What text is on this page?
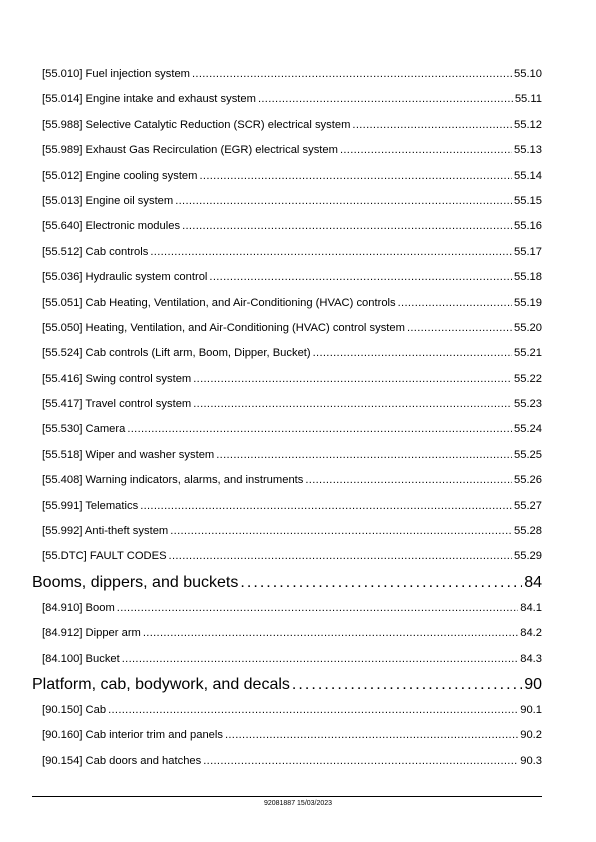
[55.010] Fuel injection system . . .	55.10
[55.014] Engine intake and exhaust system . . .	55.11
[55.988] Selective Catalytic Reduction (SCR) electrical system . . .	55.12
[55.989] Exhaust Gas Recirculation (EGR) electrical system . . .	55.13
[55.012] Engine cooling system . . .	55.14
[55.013] Engine oil system . . .	55.15
[55.640] Electronic modules . . .	55.16
[55.512] Cab controls . . .	55.17
[55.036] Hydraulic system control . . .	55.18
[55.051] Cab Heating, Ventilation, and Air-Conditioning (HVAC) controls . . .	55.19
[55.050] Heating, Ventilation, and Air-Conditioning (HVAC) control system . . .	55.20
[55.524] Cab controls (Lift arm, Boom, Dipper, Bucket) . . .	55.21
[55.416] Swing control system . . .	55.22
[55.417] Travel control system . . .	55.23
[55.530] Camera . . .	55.24
[55.518] Wiper and washer system . . .	55.25
[55.408] Warning indicators, alarms, and instruments . . .	55.26
[55.991] Telematics . . .	55.27
[55.992] Anti-theft system . . .	55.28
[55.DTC] FAULT CODES . . .	55.29
Booms, dippers, and buckets . . .	84
[84.910] Boom . . .	84.1
[84.912] Dipper arm . . .	84.2
[84.100] Bucket . . .	84.3
Platform, cab, bodywork, and decals . . .	90
[90.150] Cab . . .	90.1
[90.160] Cab interior trim and panels . . .	90.2
[90.154] Cab doors and hatches . . .	90.3
92081887 15/03/2023
